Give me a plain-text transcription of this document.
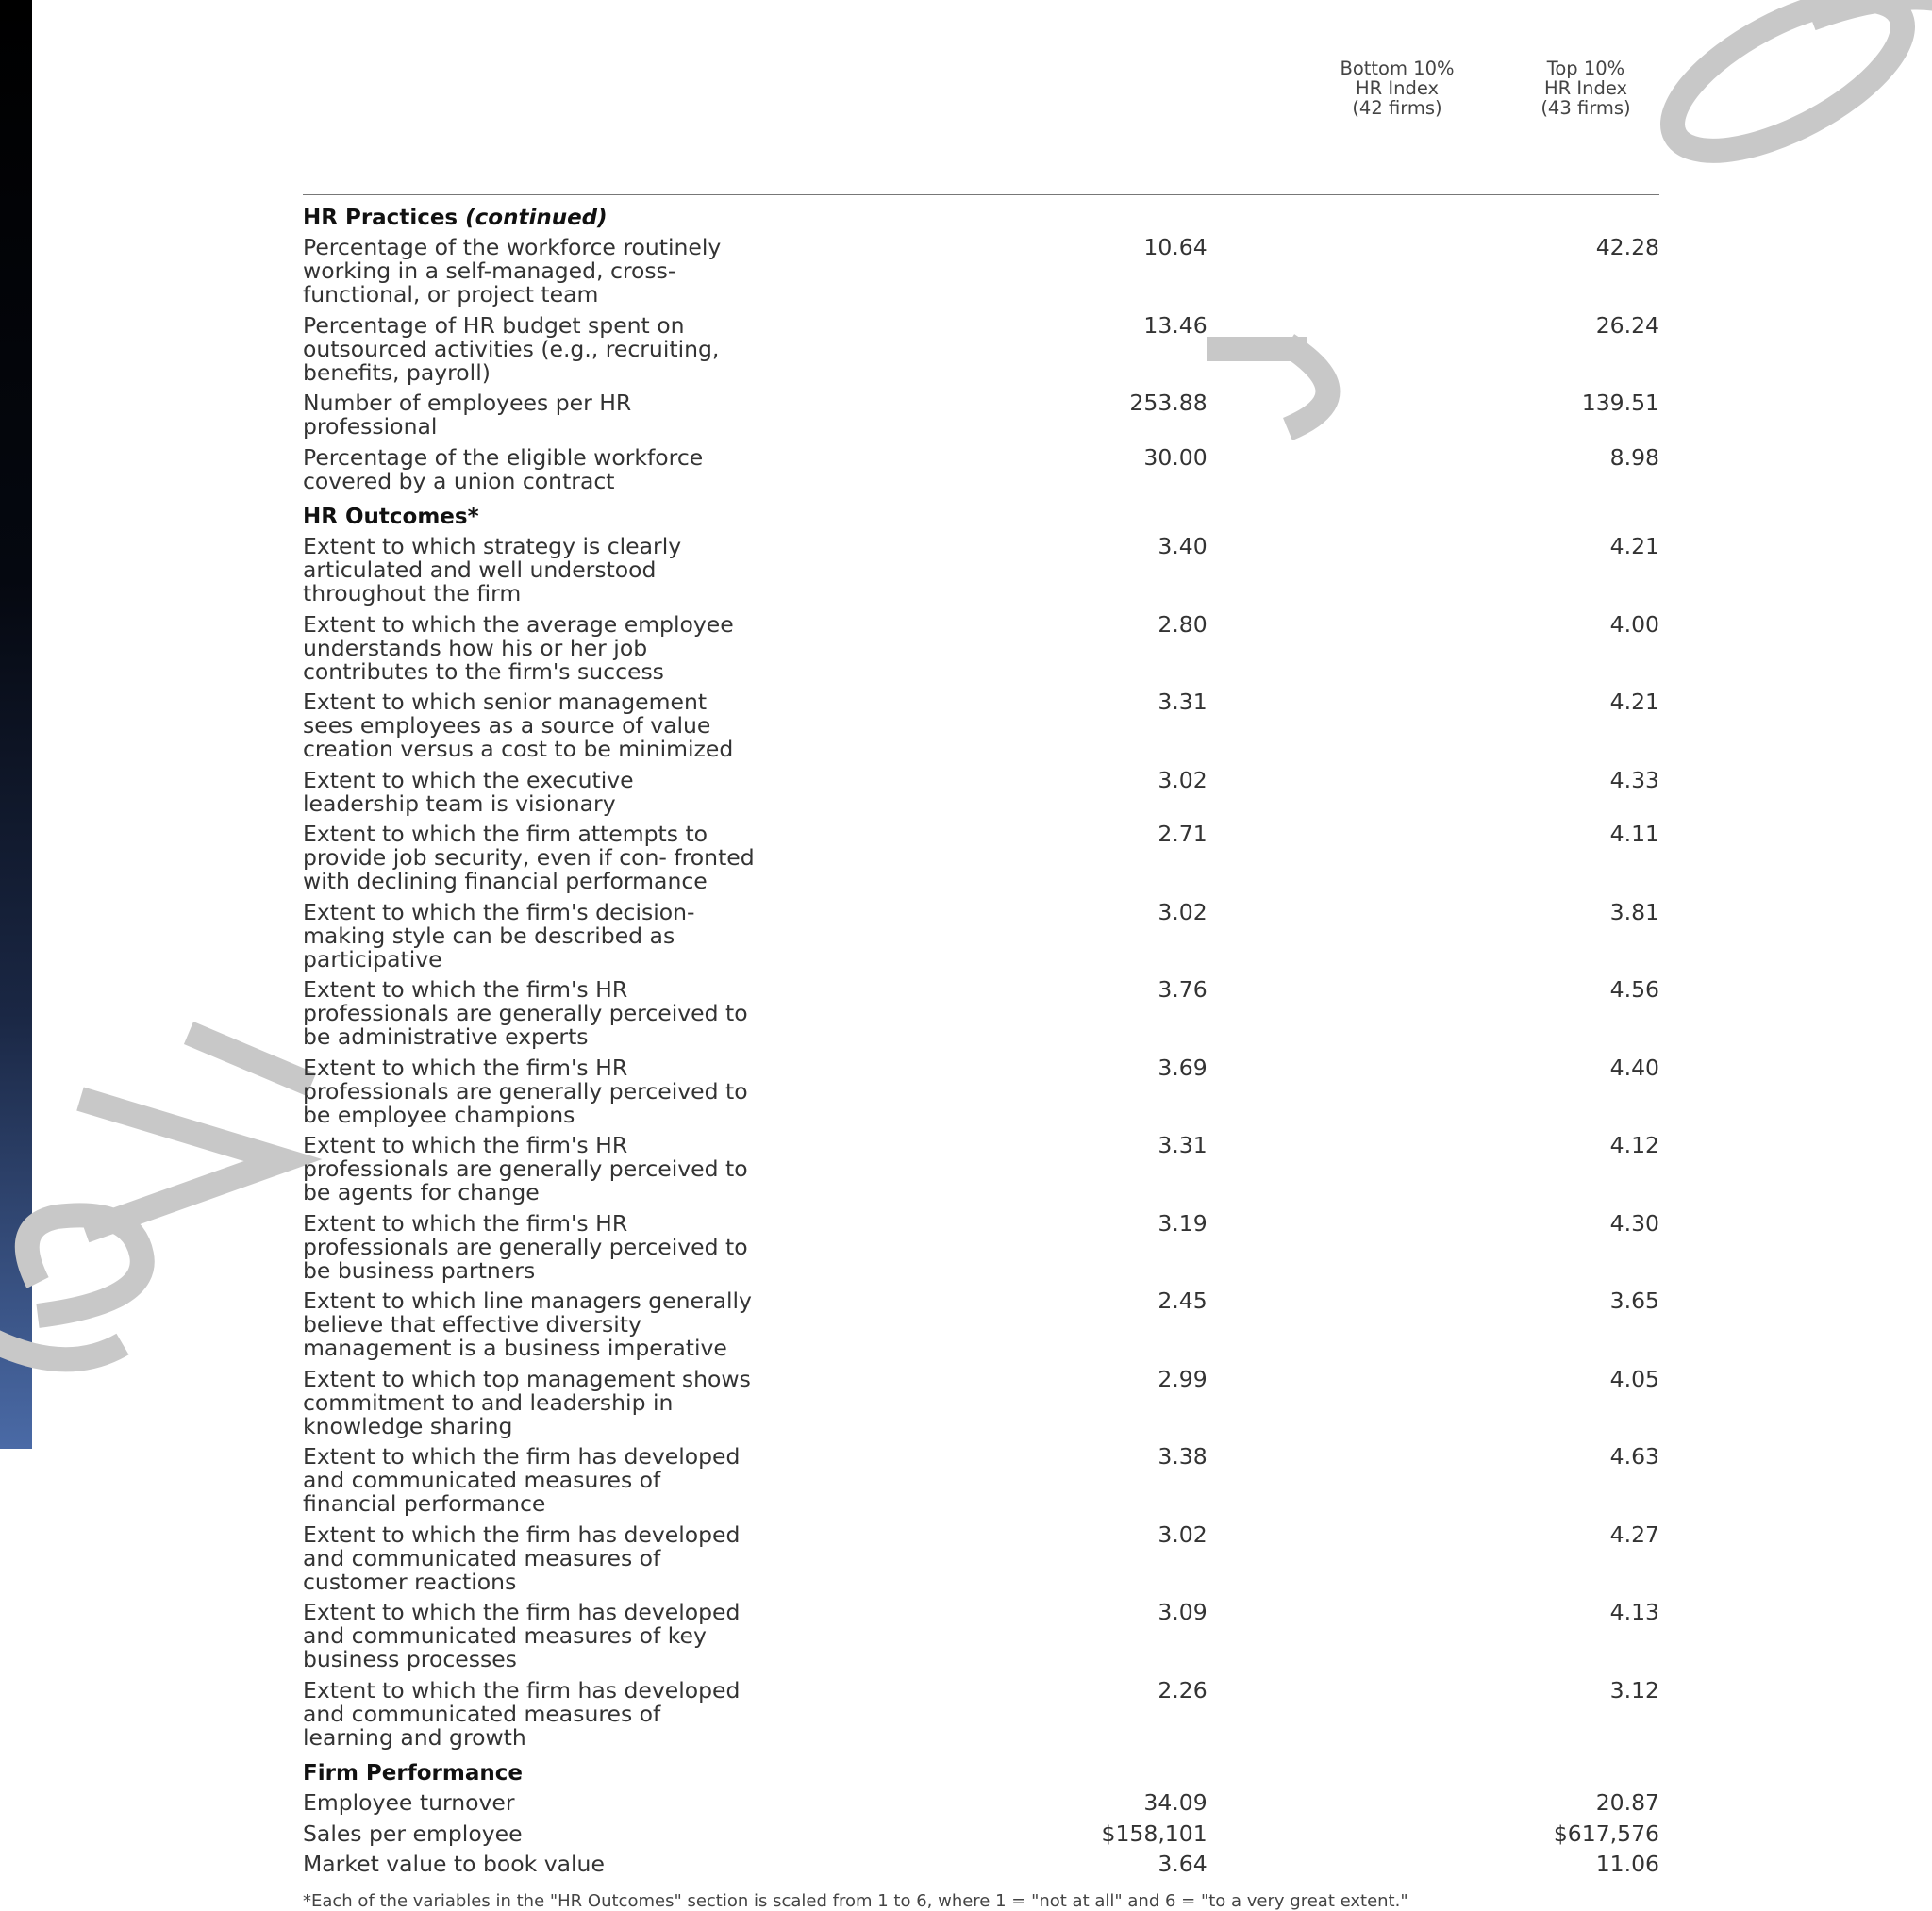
Bottom 10%
HR Index
(42 firms)
Top 10%
HR Index
(43 firms)
HR Practices (continued)		
Percentage of the workforce routinely working in a self-managed, cross-functional, or project team	10.64	42.28
Percentage of HR budget spent on outsourced activities (e.g., recruiting, benefits, payroll)	13.46	26.24
Number of employees per HR professional	253.88	139.51
Percentage of the eligible workforce covered by a union contract	30.00	8.98
HR Outcomes*		
Extent to which strategy is clearly articulated and well understood throughout the firm	3.40	4.21
Extent to which the average employee understands how his or her job contributes to the firm's success	2.80	4.00
Extent to which senior management sees employees as a source of value creation versus a cost to be minimized	3.31	4.21
Extent to which the executive leadership team is visionary	3.02	4.33
Extent to which the firm attempts to provide job security, even if con- fronted with declining financial performance	2.71	4.11
Extent to which the firm's decision-making style can be described as participative	3.02	3.81
Extent to which the firm's HR professionals are generally perceived to be administrative experts	3.76	4.56
Extent to which the firm's HR professionals are generally perceived to be employee champions	3.69	4.40
Extent to which the firm's HR professionals are generally perceived to be agents for change	3.31	4.12
Extent to which the firm's HR professionals are generally perceived to be business partners	3.19	4.30
Extent to which line managers generally believe that effective diversity management is a business imperative	2.45	3.65
Extent to which top management shows commitment to and leadership in knowledge sharing	2.99	4.05
Extent to which the firm has developed and communicated measures of financial performance	3.38	4.63
Extent to which the firm has developed and communicated measures of customer reactions	3.02	4.27
Extent to which the firm has developed and communicated measures of key business processes	3.09	4.13
Extent to which the firm has developed and communicated measures of learning and growth	2.26	3.12
Firm Performance		
Employee turnover	34.09	20.87
Sales per employee	$158,101	$617,576
Market value to book value	3.64	11.06
*Each of the variables in the "HR Outcomes" section is scaled from 1 to 6, where 1 = "not at all" and 6 = "to a very great extent."
